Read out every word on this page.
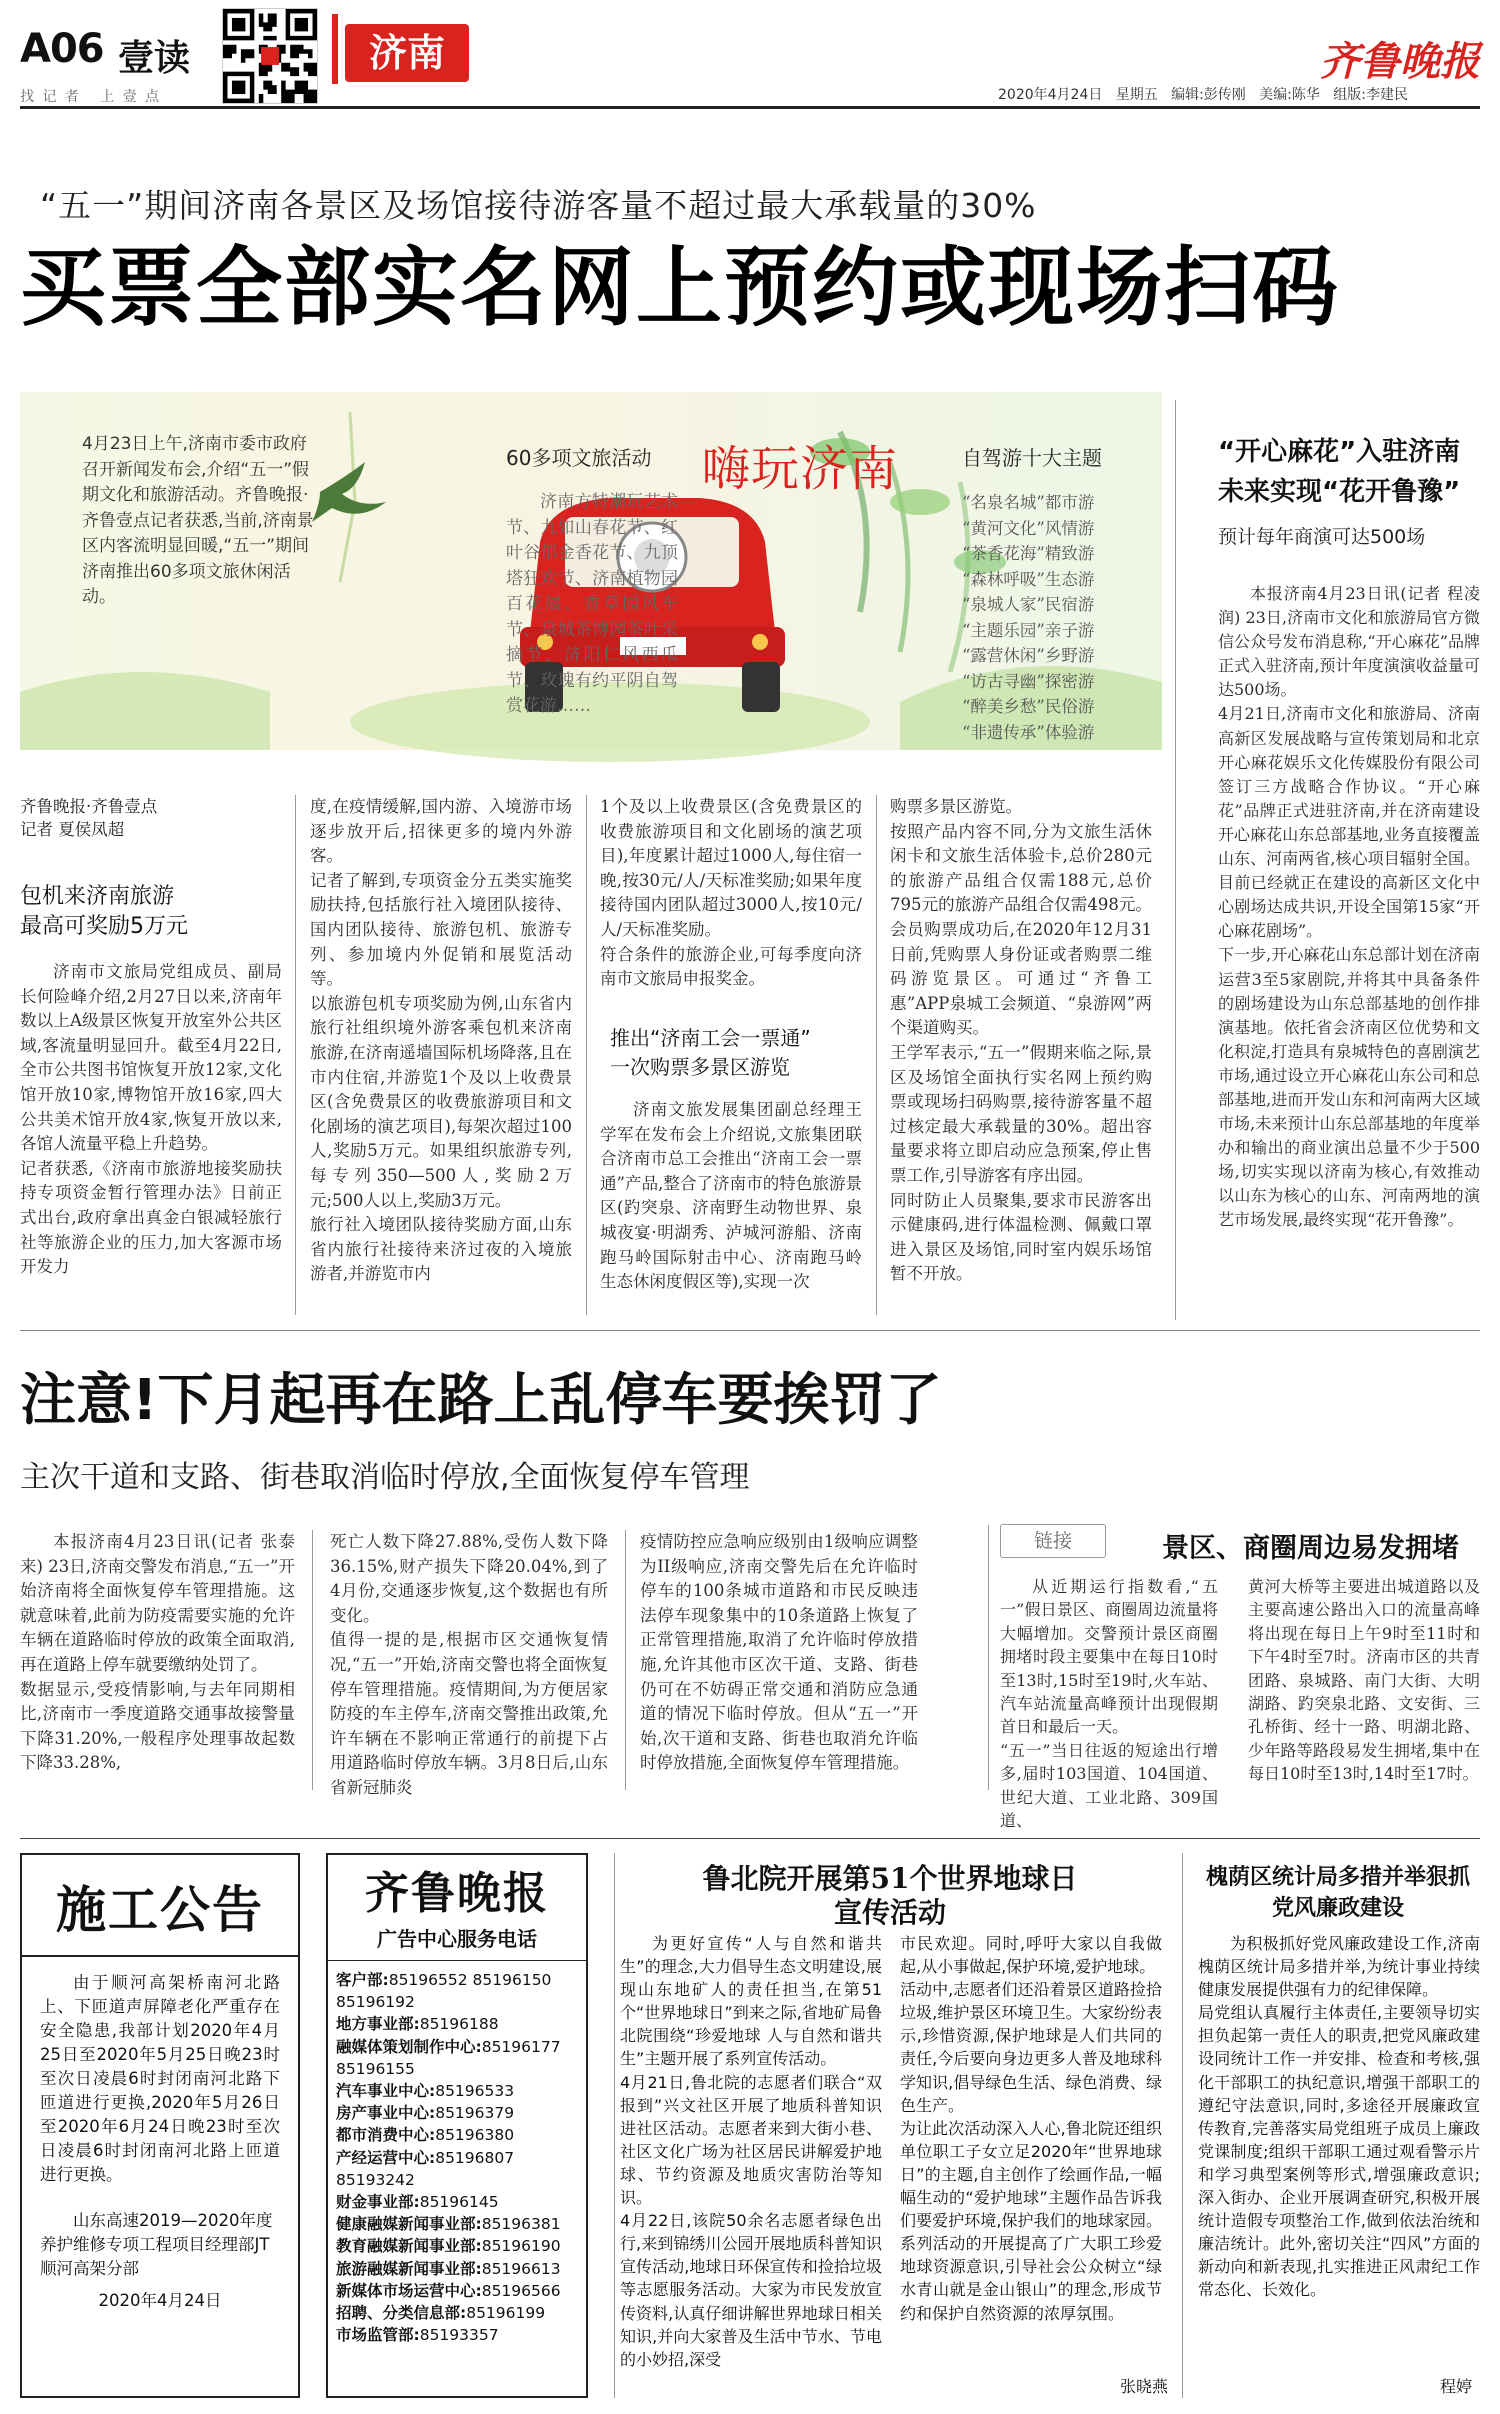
A06 壹读
找 记 者   上 壹 点
济南	齐鲁晚报
2020年4月24日 星期五 编辑:彭传刚 美编:陈华 组版:李建民
“五一”期间济南各景区及场馆接待游客量不超过最大承载量的30%
买票全部实名网上预约或现场扫码
4月23日上午,济南市委市政府召开新闻发布会,介绍“五一”假期文化和旅游活动。齐鲁晚报·齐鲁壹点记者获悉,当前,济南景区内客流明显回暖,“五一”期间济南推出60多项文旅休闲活动。
60多项文旅活动
济南方特潮玩艺术节、九如山春花节、红叶谷郁金香花节、九顶塔狂欢节、济南植物园百花展、香草园风车节、泉城茶博园茶叶采摘节、济阳仁风西瓜节、玫瑰有约平阴自驾赏花游……
嗨玩济南	自驾游十大主题
“名泉名城”都市游
“黄河文化”风情游
“茶香花海”精致游
“森林呼吸”生态游
“泉城人家”民宿游
“主题乐园”亲子游
“露营休闲”乡野游
“访古寻幽”探密游
“醉美乡愁”民俗游
“非遗传承”体验游
齐鲁晚报·齐鲁壹点
记者 夏侯凤超
包机来济南旅游
最高可奖励5万元
济南市文旅局党组成员、副局长何险峰介绍,2月27日以来,济南年数以上A级景区恢复开放室外公共区域,客流量明显回升。截至4月22日,全市公共图书馆恢复开放12家,文化馆开放10家,博物馆开放16家,四大公共美术馆开放4家,恢复开放以来,各馆人流量平稳上升趋势。
记者获悉,《济南市旅游地接奖励扶持专项资金暂行管理办法》日前正式出台,政府拿出真金白银减轻旅行社等旅游企业的压力,加大客源市场开发力
度,在疫情缓解,国内游、入境游市场逐步放开后,招徕更多的境内外游客。
记者了解到,专项资金分五类实施奖励扶持,包括旅行社入境团队接待、国内团队接待、旅游包机、旅游专列、参加境内外促销和展览活动等。
以旅游包机专项奖励为例,山东省内旅行社组织境外游客乘包机来济南旅游,在济南遥墙国际机场降落,且在市内住宿,并游览1个及以上收费景区(含免费景区的收费旅游项目和文化剧场的演艺项目),每架次超过100人,奖励5万元。如果组织旅游专列,每专列350—500人,奖励2万元;500人以上,奖励3万元。
旅行社入境团队接待奖励方面,山东省内旅行社接待来济过夜的入境旅游者,并游览市内
1个及以上收费景区(含免费景区的收费旅游项目和文化剧场的演艺项目),年度累计超过1000人,每住宿一晚,按30元/人/天标准奖励;如果年度接待国内团队超过3000人,按10元/人/天标准奖励。
符合条件的旅游企业,可每季度向济南市文旅局申报奖金。
推出“济南工会一票通”
一次购票多景区游览
济南文旅发展集团副总经理王学军在发布会上介绍说,文旅集团联合济南市总工会推出“济南工会一票通”产品,整合了济南市的特色旅游景区(趵突泉、济南野生动物世界、泉城夜宴·明湖秀、泸城河游船、济南跑马岭国际射击中心、济南跑马岭生态休闲度假区等),实现一次
购票多景区游览。
按照产品内容不同,分为文旅生活休闲卡和文旅生活体验卡,总价280元的旅游产品组合仅需188元,总价795元的旅游产品组合仅需498元。会员购票成功后,在2020年12月31日前,凭购票人身份证或者购票二维码游览景区。可通过“齐鲁工惠”APP泉城工会频道、“泉游网”两个渠道购买。
王学军表示,“五一”假期来临之际,景区及场馆全面执行实名网上预约购票或现场扫码购票,接待游客量不超过核定最大承载量的30%。超出容量要求将立即启动应急预案,停止售票工作,引导游客有序出园。
同时防止人员聚集,要求市民游客出示健康码,进行体温检测、佩戴口罩进入景区及场馆,同时室内娱乐场馆暂不开放。
“开心麻花”入驻济南
未来实现“花开鲁豫”
预计每年商演可达500场
本报济南4月23日讯(记者 程凌润) 23日,济南市文化和旅游局官方微信公众号发布消息称,“开心麻花”品牌正式入驻济南,预计年度演演收益量可达500场。
4月21日,济南市文化和旅游局、济南高新区发展战略与宣传策划局和北京开心麻花娱乐文化传媒股份有限公司签订三方战略合作协议。“开心麻花”品牌正式进驻济南,并在济南建设开心麻花山东总部基地,业务直接覆盖山东、河南两省,核心项目辐射全国。目前已经就正在建设的高新区文化中心剧场达成共识,开设全国第15家“开心麻花剧场”。
下一步,开心麻花山东总部计划在济南运营3至5家剧院,并将其中具备条件的剧场建设为山东总部基地的创作排演基地。依托省会济南区位优势和文化积淀,打造具有泉城特色的喜剧演艺市场,通过设立开心麻花山东公司和总部基地,进而开发山东和河南两大区域市场,未来预计山东总部基地的年度举办和输出的商业演出总量不少于500场,切实实现以济南为核心,有效推动以山东为核心的山东、河南两地的演艺市场发展,最终实现“花开鲁豫”。
注意!下月起再在路上乱停车要挨罚了
主次干道和支路、街巷取消临时停放,全面恢复停车管理
本报济南4月23日讯(记者 张泰来) 23日,济南交警发布消息,“五一”开始济南将全面恢复停车管理措施。这就意味着,此前为防疫需要实施的允许车辆在道路临时停放的政策全面取消,再在道路上停车就要缴纳处罚了。
数据显示,受疫情影响,与去年同期相比,济南市一季度道路交通事故接警量下降31.20%,一般程序处理事故起数下降33.28%,
死亡人数下降27.88%,受伤人数下降36.15%,财产损失下降20.04%,到了4月份,交通逐步恢复,这个数据也有所变化。
值得一提的是,根据市区交通恢复情况,“五一”开始,济南交警也将全面恢复停车管理措施。疫情期间,为方便居家防疫的车主停车,济南交警推出政策,允许车辆在不影响正常通行的前提下占用道路临时停放车辆。3月8日后,山东省新冠肺炎
疫情防控应急响应级别由1级响应调整为II级响应,济南交警先后在允许临时停车的100条城市道路和市民反映违法停车现象集中的10条道路上恢复了正常管理措施,取消了允许临时停放措施,允许其他市区次干道、支路、街巷仍可在不妨碍正常交通和消防应急通道的情况下临时停放。但从“五一”开始,次干道和支路、街巷也取消允许临时停放措施,全面恢复停车管理措施。
链接	景区、商圈周边易发拥堵
从近期运行指数看,“五一”假日景区、商圈周边流量将大幅增加。交警预计景区商圈拥堵时段主要集中在每日10时至13时,15时至19时,火车站、汽车站流量高峰预计出现假期首日和最后一天。
“五一”当日往返的短途出行增多,届时103国道、104国道、世纪大道、工业北路、309国道、
黄河大桥等主要进出城道路以及主要高速公路出入口的流量高峰将出现在每日上午9时至11时和下午4时至7时。济南市区的共青团路、泉城路、南门大街、大明湖路、趵突泉北路、文安街、三孔桥街、经十一路、明湖北路、少年路等路段易发生拥堵,集中在每日10时至13时,14时至17时。
施工公告
由于顺河高架桥南河北路上、下匝道声屏障老化严重存在安全隐患,我部计划2020年4月25日至2020年5月25日晚23时至次日凌晨6时封闭南河北路下匝道进行更换,2020年5月26日至2020年6月24日晚23时至次日凌晨6时封闭南河北路上匝道进行更换。
山东高速2019—2020年度养护维修专项工程项目经理部JT顺河高架分部
2020年4月24日
齐鲁晚报
广告中心服务电话
客户部:85196552 85196150
85196192
地方事业部:85196188
融媒体策划制作中心:85196177
85196155
汽车事业中心:85196533
房产事业中心:85196379
都市消费中心:85196380
产经运营中心:85196807 85193242
财金事业部:85196145
健康融媒新闻事业部:85196381
教育融媒新闻事业部:85196190
旅游融媒新闻事业部:85196613
新媒体市场运营中心:85196566
招聘、分类信息部:85196199
市场监管部:85193357
鲁北院开展第51个世界地球日
宣传活动
为更好宣传“人与自然和谐共生”的理念,大力倡导生态文明建设,展现山东地矿人的责任担当,在第51个“世界地球日”到来之际,省地矿局鲁北院围绕“珍爱地球 人与自然和谐共生”主题开展了系列宣传活动。
4月21日,鲁北院的志愿者们联合“双报到”兴文社区开展了地质科普知识进社区活动。志愿者来到大街小巷、社区文化广场为社区居民讲解爱护地球、节约资源及地质灾害防治等知识。
4月22日,该院50余名志愿者绿色出行,来到锦绣川公园开展地质科普知识宣传活动,地球日环保宣传和捡拾垃圾等志愿服务活动。大家为市民发放宣传资料,认真仔细讲解世界地球日相关知识,并向大家普及生活中节水、节电的小妙招,深受
市民欢迎。同时,呼吁大家以自我做起,从小事做起,保护环境,爱护地球。
活动中,志愿者们还沿着景区道路捡拾垃圾,维护景区环境卫生。大家纷纷表示,珍惜资源,保护地球是人们共同的责任,今后要向身边更多人普及地球科学知识,倡导绿色生活、绿色消费、绿色生产。
为让此次活动深入人心,鲁北院还组织单位职工子女立足2020年“世界地球日”的主题,自主创作了绘画作品,一幅幅生动的“爱护地球”主题作品告诉我们要爱护环境,保护我们的地球家园。系列活动的开展提高了广大职工珍爱地球资源意识,引导社会公众树立“绿水青山就是金山银山”的理念,形成节约和保护自然资源的浓厚氛围。
张晓燕
槐荫区统计局多措并举狠抓
党风廉政建设
为积极抓好党风廉政建设工作,济南槐荫区统计局多措并举,为统计事业持续健康发展提供强有力的纪律保障。
局党组认真履行主体责任,主要领导切实担负起第一责任人的职责,把党风廉政建设同统计工作一并安排、检查和考核,强化干部职工的执纪意识,增强干部职工的遵纪守法意识,同时,多途径开展廉政宣传教育,完善落实局党组班子成员上廉政党课制度;组织干部职工通过观看警示片和学习典型案例等形式,增强廉政意识;深入街办、企业开展调查研究,积极开展统计造假专项整治工作,做到依法治统和廉洁统计。此外,密切关注“四风”方面的新动向和新表现,扎实推进正风肃纪工作常态化、长效化。
程婷
